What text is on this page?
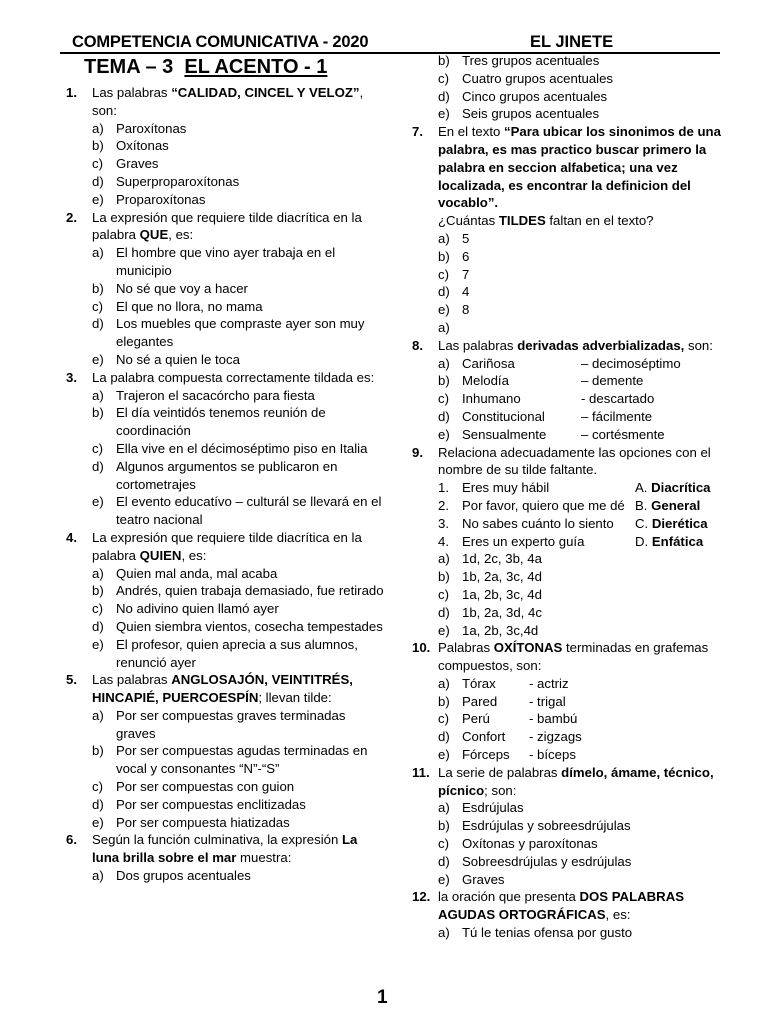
COMPETENCIA COMUNICATIVA - 2020	EL JINETE
TEMA – 3 EL ACENTO - 1
1. Las palabras “CALIDAD, CINCEL Y VELOZ”, son:
a) Paroxítonas
b) Oxítonas
c) Graves
d) Superproparoxítonas
e) Proparoxítonas
2. La expresión que requiere tilde diacrítica en la palabra QUE, es:
a) El hombre que vino ayer trabaja en el municipio
b) No sé que voy a hacer
c) El que no llora, no mama
d) Los muebles que compraste ayer son muy elegantes
e) No sé a quien le toca
3. La palabra compuesta correctamente tildada es:
a) Trajeron el sacacórcho para fiesta
b) El día veintidós tenemos reunión de coordinación
c) Ella vive en el décimoséptimo piso en Italia
d) Algunos argumentos se publicaron en cortometrajes
e) El evento educatívo – culturál se llevará en el teatro nacional
4. La expresión que requiere tilde diacrítica en la palabra QUIEN, es:
a) Quien mal anda, mal acaba
b) Andrés, quien trabaja demasiado, fue retirado
c) No adivino quien llamó ayer
d) Quien siembra vientos, cosecha tempestades
e) El profesor, quien aprecia a sus alumnos, renunció ayer
5. Las palabras ANGLOSAJÓN, VEINTITRÉS, HINCAPIÉ, PUERCOESPÍN; llevan tilde:
a) Por ser compuestas graves terminadas graves
b) Por ser compuestas agudas terminadas en vocal y consonantes “N”-“S”
c) Por ser compuestas con guion
d) Por ser compuestas enclitizadas
e) Por ser compuesta hiatizadas
6. Según la función culminativa, la expresión La luna brilla sobre el mar muestra:
a) Dos grupos acentuales
b) Tres grupos acentuales
c) Cuatro grupos acentuales
d) Cinco grupos acentuales
e) Seis grupos acentuales
7. En el texto “Para ubicar los sinonimos de una palabra, es mas practico buscar primero la palabra en seccion alfabetica; una vez localizada, es encontrar la definicion del vocablo”.
¿Cuántas TILDES faltan en el texto?
a) 5
b) 6
c) 7
d) 4
e) 8
a)

8. Las palabras derivadas adverbializadas, son:
a) Cariñosa	– decimoséptimo
b) Melodía	– demente
c) Inhumano	- descartado
d) Constitucional	– fácilmente
e) Sensualmente	– cortésmente
9. Relaciona adecuadamente las opciones con el nombre de su tilde faltante.
1. Eres muy hábil	A. Diacrítica
2. Por favor, quiero que me dé B. General
3. No sabes cuánto lo siento C. Dierética
4. Eres un experto guía	D. Enfática
a) 1d, 2c, 3b, 4a
b) 1b, 2a, 3c, 4d
c) 1a, 2b, 3c, 4d
d) 1b, 2a, 3d, 4c
e) 1a, 2b, 3c,4d
10. Palabras OXÍTONAS terminadas en grafemas compuestos, son:
a) Tórax	- actriz
b) Pared - trigal
c) Perú	- bambú
d) Confort - zigzags
e) Fórceps - bíceps
11. La serie de palabras dímelo, ámame, técnico, pícnico; son:
a) Esdrújulas
b) Esdrújulas y sobreesdrújulas
c) Oxítonas y paroxítonas
d) Sobreesdrújulas y esdrújulas
e) Graves
12. la oración que presenta DOS PALABRAS AGUDAS ORTOGRÁFICAS, es:
a) Tú le tenias ofensa por gusto
1
